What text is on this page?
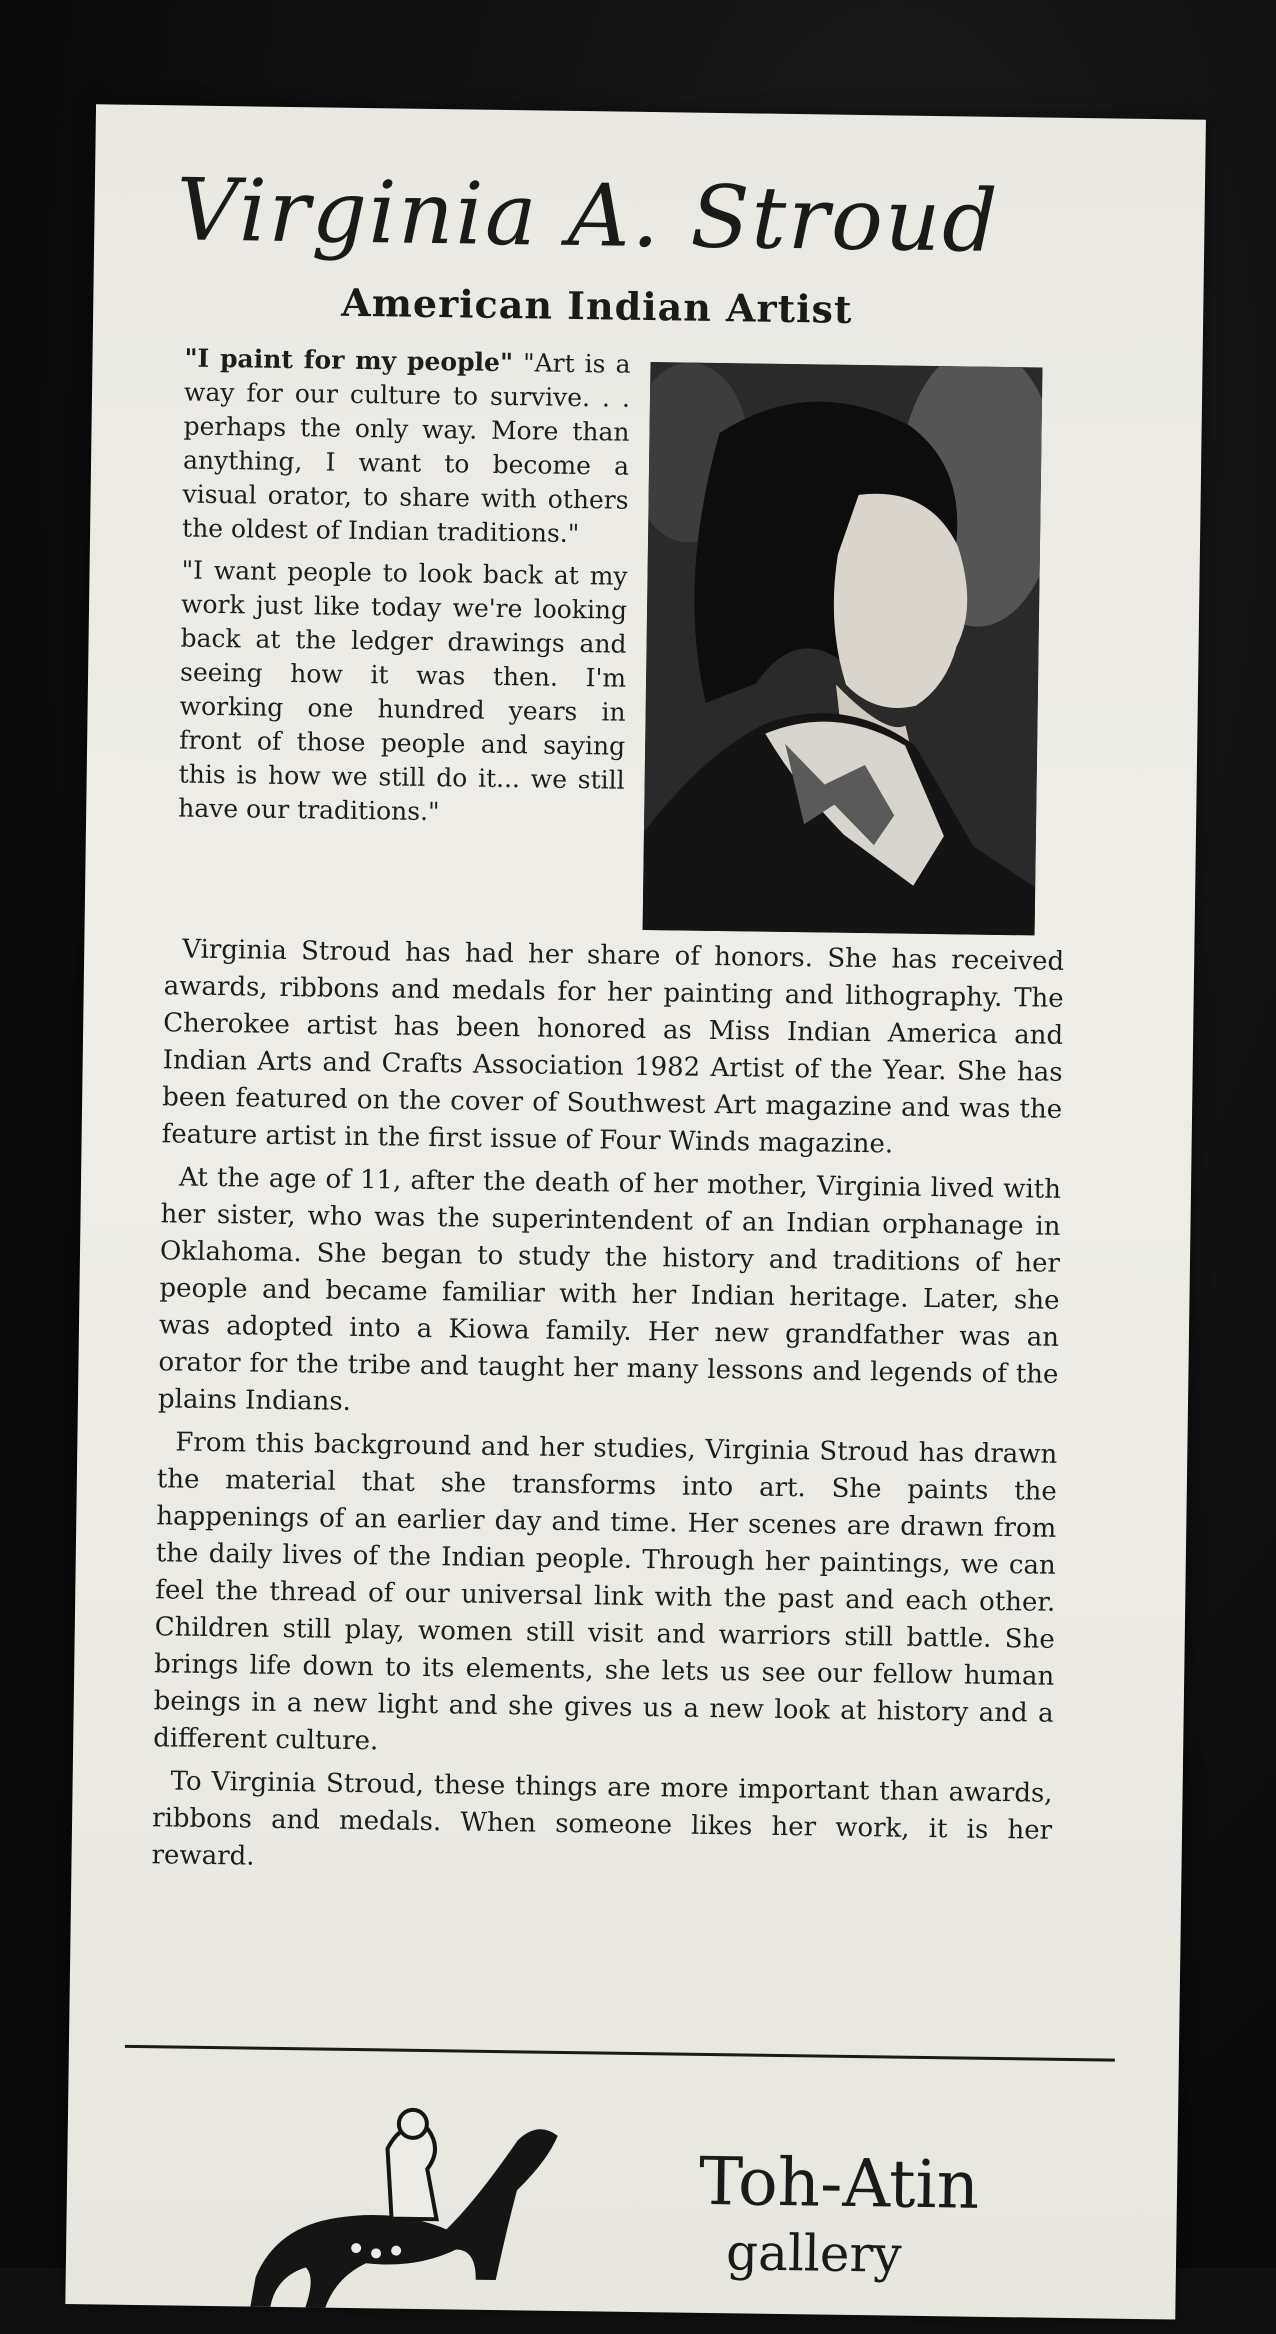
Virginia A. Stroud
American Indian Artist

"I paint for my people" "Art is a way for our culture to survive. . . perhaps the only way. More than anything, I want to become a visual orator, to share with others the oldest of Indian traditions."

"I want people to look back at my work just like today we're looking back at the ledger drawings and seeing how it was then. I'm working one hundred years in front of those people and saying this is how we still do it... we still have our traditions."

Virginia Stroud has had her share of honors. She has received awards, ribbons and medals for her painting and lithography. The Cherokee artist has been honored as Miss Indian America and Indian Arts and Crafts Association 1982 Artist of the Year. She has been featured on the cover of Southwest Art magazine and was the feature artist in the first issue of Four Winds magazine.

At the age of 11, after the death of her mother, Virginia lived with her sister, who was the superintendent of an Indian orphanage in Oklahoma. She began to study the history and traditions of her people and became familiar with her Indian heritage. Later, she was adopted into a Kiowa family. Her new grandfather was an orator for the tribe and taught her many lessons and legends of the plains Indians.

From this background and her studies, Virginia Stroud has drawn the material that she transforms into art. She paints the happenings of an earlier day and time. Her scenes are drawn from the daily lives of the Indian people. Through her paintings, we can feel the thread of our universal link with the past and each other. Children still play, women still visit and warriors still battle. She brings life down to its elements, she lets us see our fellow human beings in a new light and she gives us a new look at history and a different culture.

To Virginia Stroud, these things are more important than awards, ribbons and medals. When someone likes her work, it is her reward.

Toh-Atin
gallery
